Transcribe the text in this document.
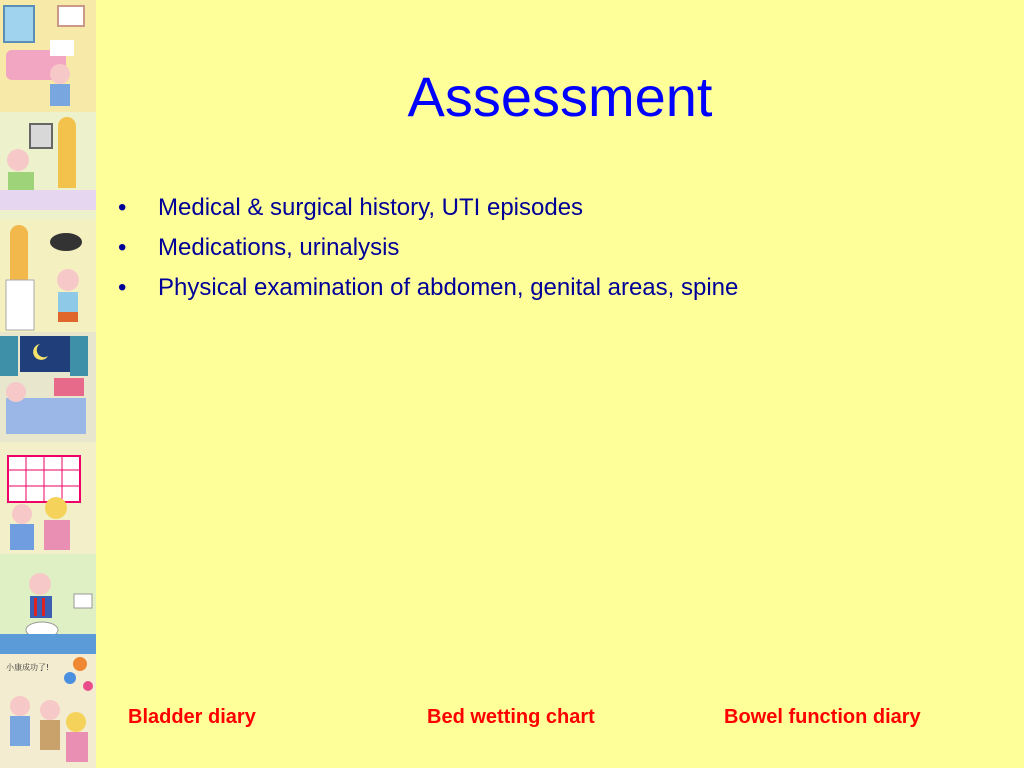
小康成功了!
Assessment
•	Medical & surgical history, UTI episodes
•	Medications, urinalysis
•	Physical examination of abdomen, genital areas, spine
Bladder diary	Bed wetting chart	Bowel function diary
